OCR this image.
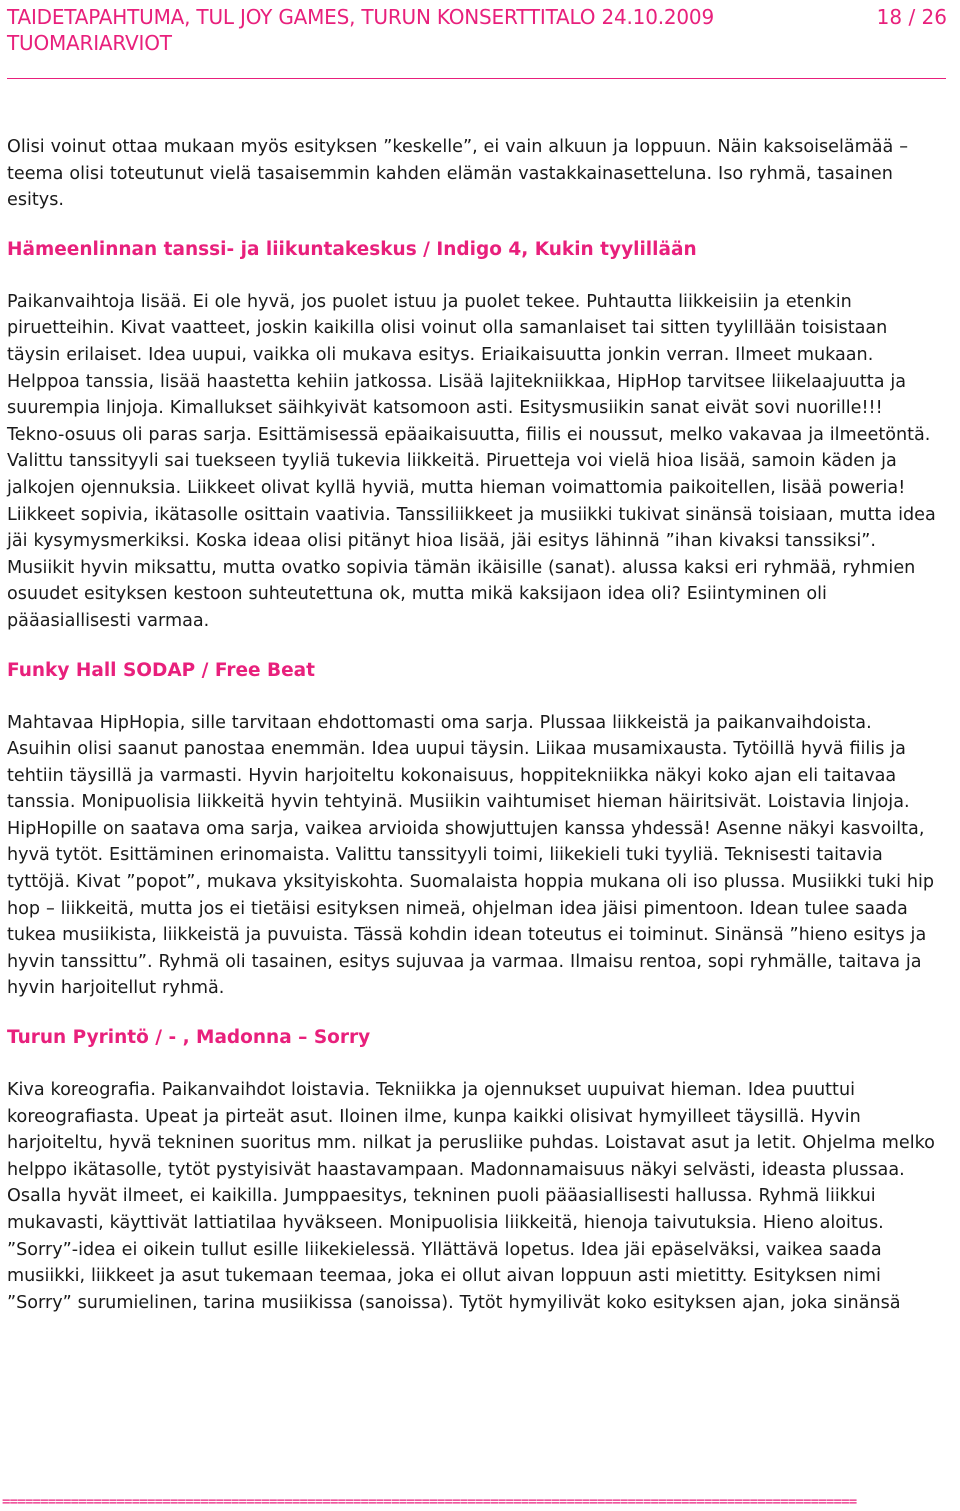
TAIDETAPAHTUMA, TUL JOY GAMES, TURUN KONSERTTITALO 24.10.2009
TUOMARIARVIOT
18 / 26

Olisi voinut ottaa mukaan myös esityksen ”keskelle”, ei vain alkuun ja loppuun. Näin kaksoiselämää – teema olisi toteutunut vielä tasaisemmin kahden elämän vastakkainasetteluna. Iso ryhmä, tasainen esitys.

Hämeenlinnan tanssi- ja liikuntakeskus / Indigo 4, Kukin tyylillään

Paikanvaihtoja lisää. Ei ole hyvä, jos puolet istuu ja puolet tekee. Puhtautta liikkeisiin ja etenkin piruetteihin. Kivat vaatteet, joskin kaikilla olisi voinut olla samanlaiset tai sitten tyylillään toisistaan täysin erilaiset. Idea uupui, vaikka oli mukava esitys. Eriaikaisuutta jonkin verran. Ilmeet mukaan. Helppoa tanssia, lisää haastetta kehiin jatkossa. Lisää lajitekniikkaa, HipHop tarvitsee liikelaajuutta ja suurempia linjoja. Kimallukset säihkyivät katsomoon asti. Esitysmusiikin sanat eivät sovi nuorille!!! Tekno-osuus oli paras sarja. Esittämisessä epäaikaisuutta, fiilis ei noussut, melko vakavaa ja ilmeetöntä. Valittu tanssityyli sai tuekseen tyyliä tukevia liikkeitä. Piruetteja voi vielä hioa lisää, samoin käden ja jalkojen ojennuksia. Liikkeet olivat kyllä hyviä, mutta hieman voimattomia paikoitellen, lisää poweria! Liikkeet sopivia, ikätasolle osittain vaativia. Tanssiliikkeet ja musiikki tukivat sinänsä toisiaan, mutta idea jäi kysymysmerkiksi. Koska ideaa olisi pitänyt hioa lisää, jäi esitys lähinnä ”ihan kivaksi tanssiksi”. Musiikit hyvin miksattu, mutta ovatko sopivia tämän ikäisille (sanat). alussa kaksi eri ryhmää, ryhmien osuudet esityksen kestoon suhteutettuna ok, mutta mikä kaksijaon idea oli? Esiintyminen oli pääasiallisesti varmaa.

Funky Hall SODAP / Free Beat

Mahtavaa HipHopia, sille tarvitaan ehdottomasti oma sarja. Plussaa liikkeistä ja paikanvaihdoista. Asuihin olisi saanut panostaa enemmän. Idea uupui täysin. Liikaa musamixausta. Tytöillä hyvä fiilis ja tehtiin täysillä ja varmasti. Hyvin harjoiteltu kokonaisuus, hoppitekniikka näkyi koko ajan eli taitavaa tanssia. Monipuolisia liikkeitä hyvin tehtyinä. Musiikin vaihtumiset hieman häiritsivät. Loistavia linjoja. HipHopille on saatava oma sarja, vaikea arvioida showjuttujen kanssa yhdessä! Asenne näkyi kasvoilta, hyvä tytöt. Esittäminen erinomaista. Valittu tanssityyli toimi, liikekieli tuki tyyliä. Teknisesti taitavia tyttöjä. Kivat ”popot”, mukava yksityiskohta. Suomalaista hoppia mukana oli iso plussa. Musiikki tuki hip hop – liikkeitä, mutta jos ei tietäisi esityksen nimeä, ohjelman idea jäisi pimentoon. Idean tulee saada tukea musiikista, liikkeistä ja puvuista. Tässä kohdin idean toteutus ei toiminut. Sinänsä ”hieno esitys ja hyvin tanssittu”. Ryhmä oli tasainen, esitys sujuvaa ja varmaa. Ilmaisu rentoa, sopi ryhmälle, taitava ja hyvin harjoitellut ryhmä.

Turun Pyrintö / - , Madonna – Sorry

Kiva koreografia. Paikanvaihdot loistavia. Tekniikka ja ojennukset uupuivat hieman. Idea puuttui koreografiasta. Upeat ja pirteät asut. Iloinen ilme, kunpa kaikki olisivat hymyilleet täysillä. Hyvin harjoiteltu, hyvä tekninen suoritus mm. nilkat ja perusliike puhdas. Loistavat asut ja letit. Ohjelma melko helppo ikätasolle, tytöt pystyisivät haastavampaan. Madonnamaisuus näkyi selvästi, ideasta plussaa. Osalla hyvät ilmeet, ei kaikilla. Jumppaesitys, tekninen puoli pääasiallisesti hallussa. Ryhmä liikkui mukavasti, käyttivät lattiatilaa hyväkseen. Monipuolisia liikkeitä, hienoja taivutuksia. Hieno aloitus. ”Sorry”-idea ei oikein tullut esille liikekielessä. Yllättävä lopetus. Idea jäi epäselväksi, vaikea saada musiikki, liikkeet ja asut tukemaan teemaa, joka ei ollut aivan loppuun asti mietitty. Esityksen nimi ”Sorry” surumielinen, tarina musiikissa (sanoissa). Tytöt hymyilivät koko esityksen ajan, joka sinänsä

================================================================================================================
